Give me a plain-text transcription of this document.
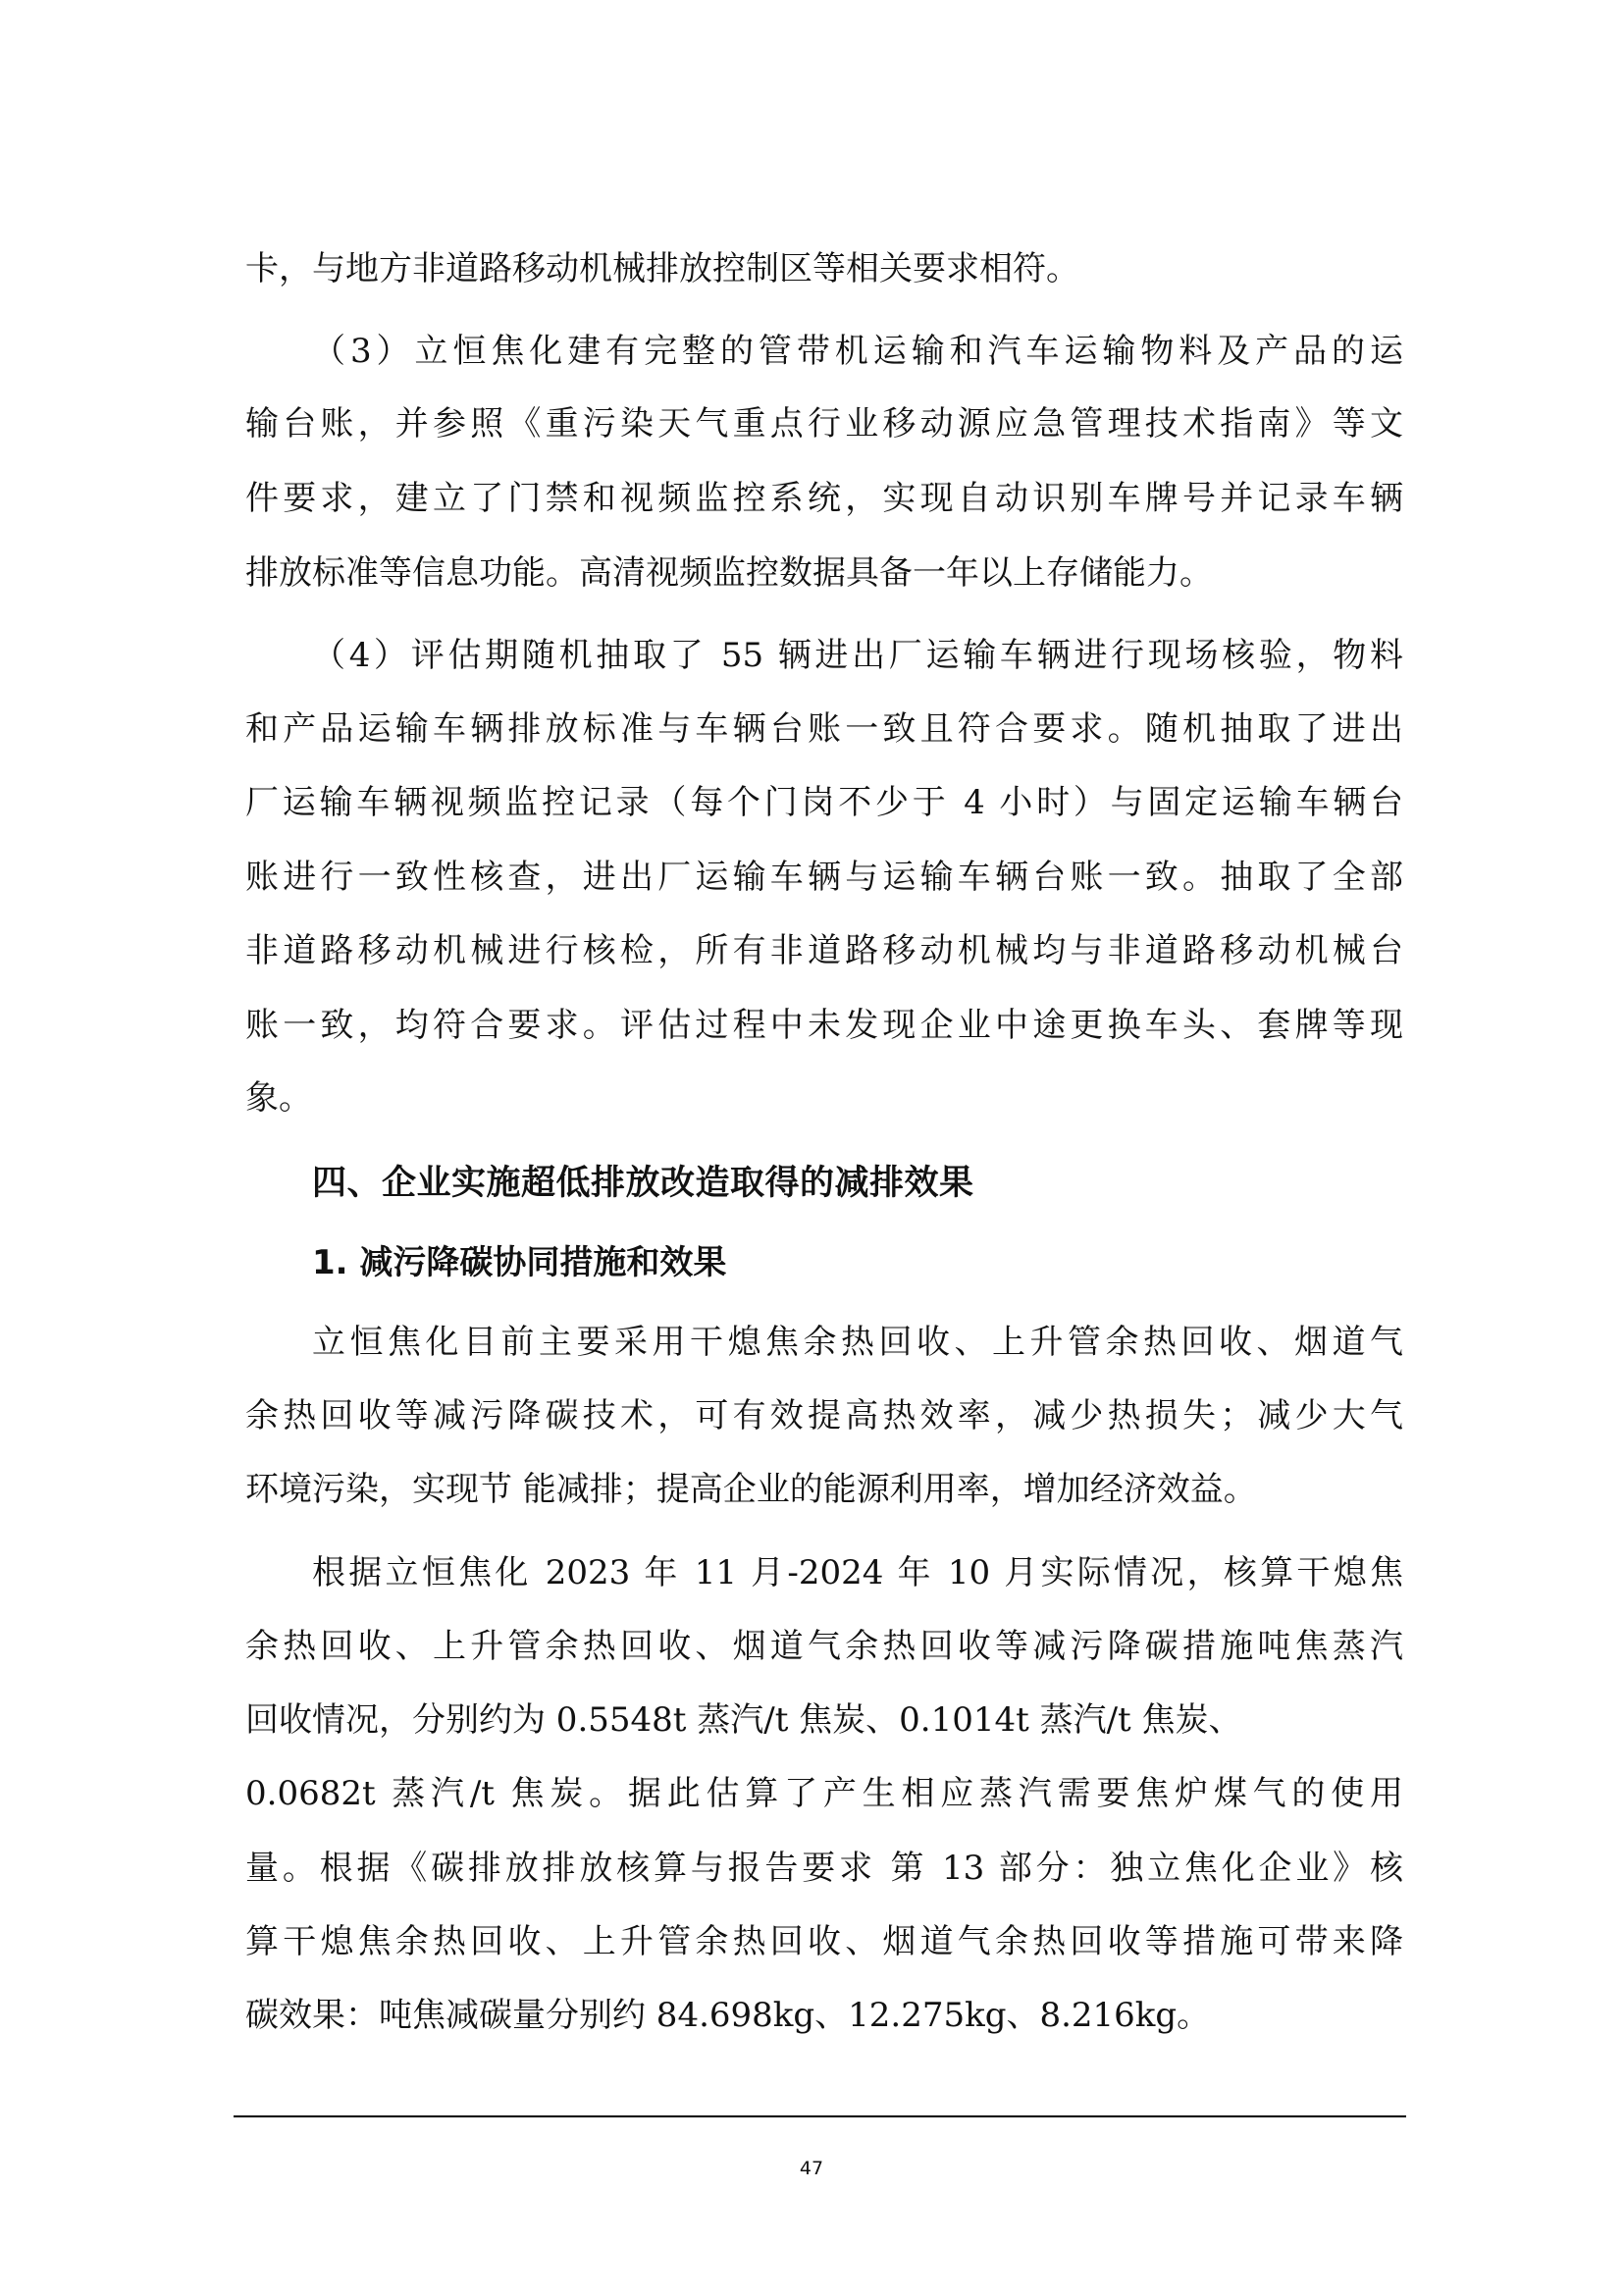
卡，与地方非道路移动机械排放控制区等相关要求相符。
（3）立恒焦化建有完整的管带机运输和汽车运输物料及产品的运
输台账，并参照《重污染天气重点行业移动源应急管理技术指南》等文
件要求，建立了门禁和视频监控系统，实现自动识别车牌号并记录车辆
排放标准等信息功能。高清视频监控数据具备一年以上存储能力。
（4）评估期随机抽取了 55 辆进出厂运输车辆进行现场核验，物料
和产品运输车辆排放标准与车辆台账一致且符合要求。随机抽取了进出
厂运输车辆视频监控记录（每个门岗不少于 4 小时）与固定运输车辆台
账进行一致性核查，进出厂运输车辆与运输车辆台账一致。抽取了全部
非道路移动机械进行核检，所有非道路移动机械均与非道路移动机械台
账一致，均符合要求。评估过程中未发现企业中途更换车头、套牌等现
象。
四、企业实施超低排放改造取得的减排效果
1. 减污降碳协同措施和效果
立恒焦化目前主要采用干熄焦余热回收、上升管余热回收、烟道气
余热回收等减污降碳技术，可有效提高热效率，减少热损失；减少大气
环境污染，实现节 能减排；提高企业的能源利用率，增加经济效益。
根据立恒焦化 2023 年 11 月-2024 年 10 月实际情况，核算干熄焦
余热回收、上升管余热回收、烟道气余热回收等减污降碳措施吨焦蒸汽
回收情况，分别约为 0.5548t 蒸汽/t 焦炭、0.1014t 蒸汽/t 焦炭、
0.0682t 蒸汽/t 焦炭。据此估算了产生相应蒸汽需要焦炉煤气的使用
量。根据《碳排放排放核算与报告要求 第 13 部分：独立焦化企业》核
算干熄焦余热回收、上升管余热回收、烟道气余热回收等措施可带来降
碳效果：吨焦减碳量分别约 84.698kg、12.275kg、8.216kg。
47
